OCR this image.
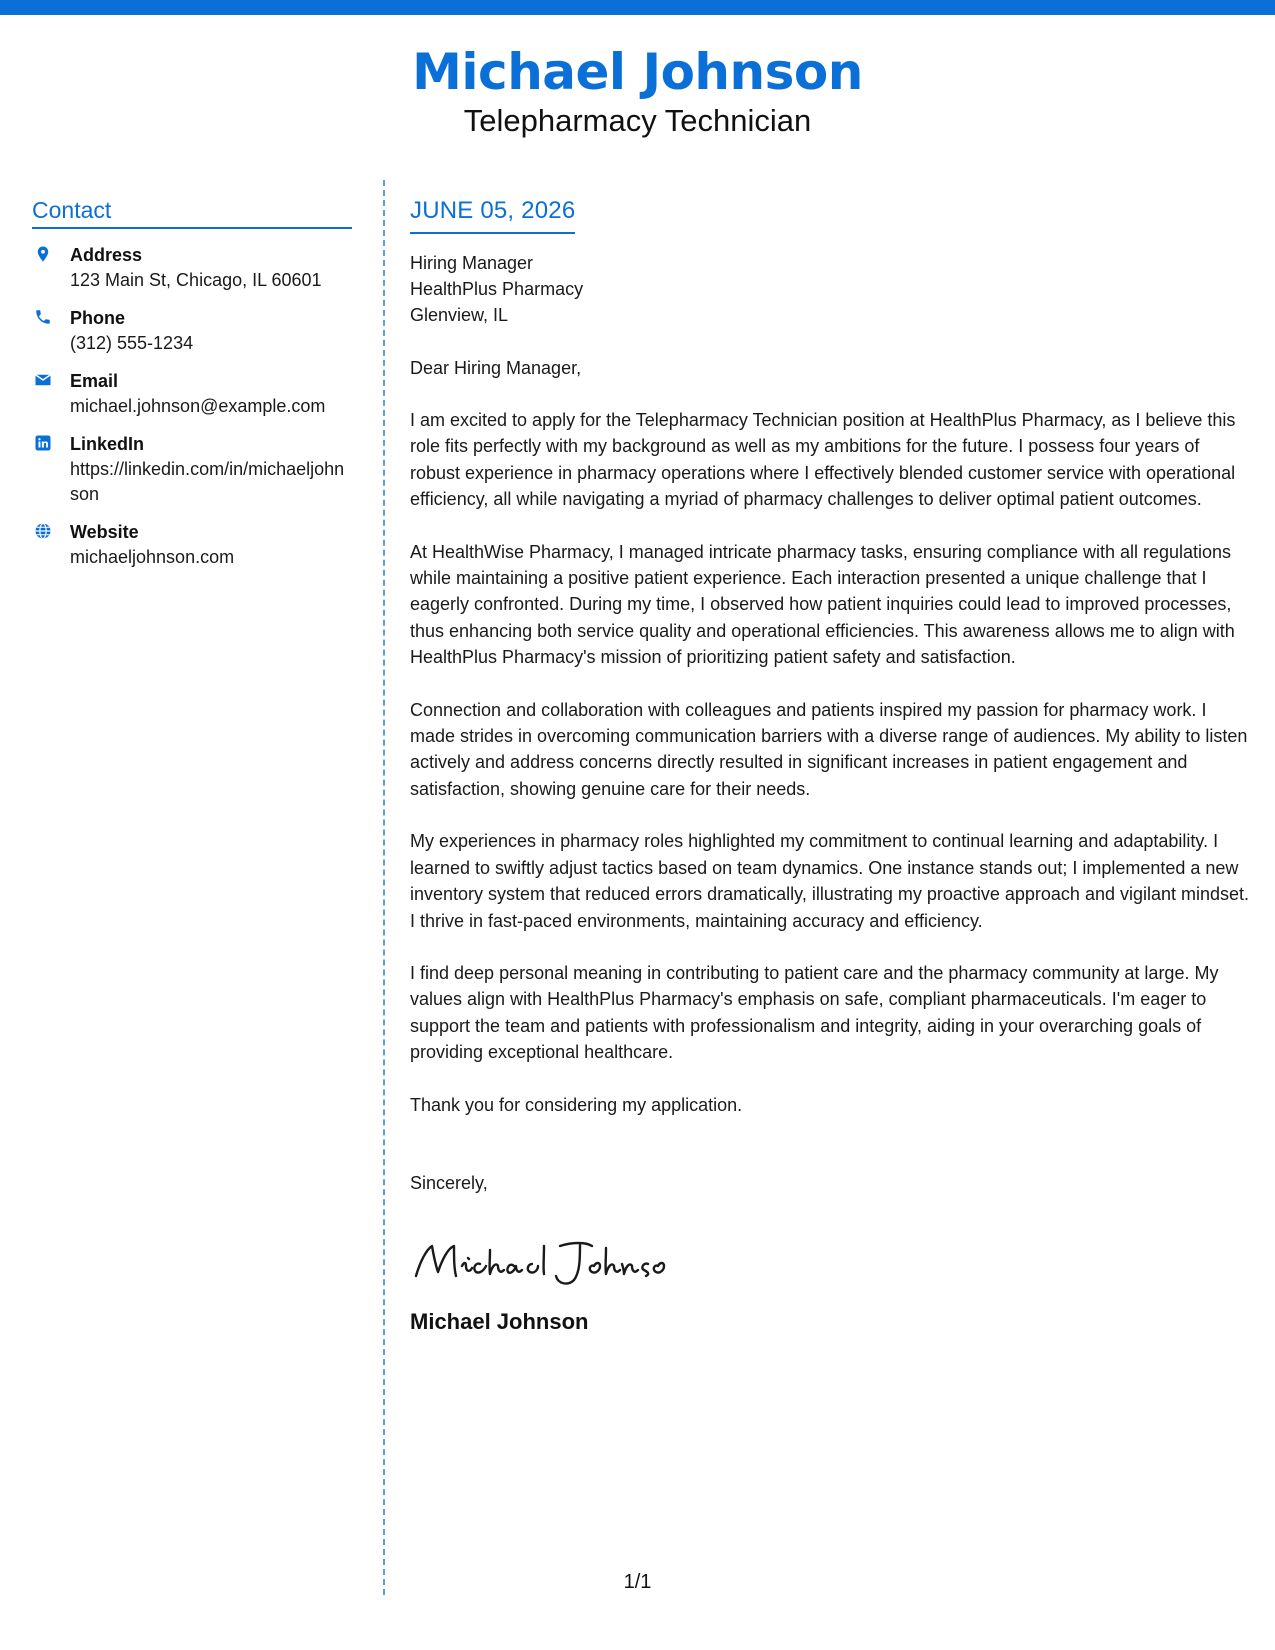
Michael Johnson
Telepharmacy Technician
Contact
Address
123 Main St, Chicago, IL 60601
Phone
(312) 555-1234
Email
michael.johnson@example.com
LinkedIn
https://linkedin.com/in/michaeljohnson
Website
michaeljohnson.com
JUNE 05, 2026
Hiring Manager
HealthPlus Pharmacy
Glenview, IL
Dear Hiring Manager,
I am excited to apply for the Telepharmacy Technician position at HealthPlus Pharmacy, as I believe this role fits perfectly with my background as well as my ambitions for the future. I possess four years of robust experience in pharmacy operations where I effectively blended customer service with operational efficiency, all while navigating a myriad of pharmacy challenges to deliver optimal patient outcomes.
At HealthWise Pharmacy, I managed intricate pharmacy tasks, ensuring compliance with all regulations while maintaining a positive patient experience. Each interaction presented a unique challenge that I eagerly confronted. During my time, I observed how patient inquiries could lead to improved processes, thus enhancing both service quality and operational efficiencies. This awareness allows me to align with HealthPlus Pharmacy's mission of prioritizing patient safety and satisfaction.
Connection and collaboration with colleagues and patients inspired my passion for pharmacy work. I made strides in overcoming communication barriers with a diverse range of audiences. My ability to listen actively and address concerns directly resulted in significant increases in patient engagement and satisfaction, showing genuine care for their needs.
My experiences in pharmacy roles highlighted my commitment to continual learning and adaptability. I learned to swiftly adjust tactics based on team dynamics. One instance stands out; I implemented a new inventory system that reduced errors dramatically, illustrating my proactive approach and vigilant mindset. I thrive in fast-paced environments, maintaining accuracy and efficiency.
I find deep personal meaning in contributing to patient care and the pharmacy community at large. My values align with HealthPlus Pharmacy's emphasis on safe, compliant pharmaceuticals. I'm eager to support the team and patients with professionalism and integrity, aiding in your overarching goals of providing exceptional healthcare.
Thank you for considering my application.
Sincerely,
Michael Johnson
1/1
